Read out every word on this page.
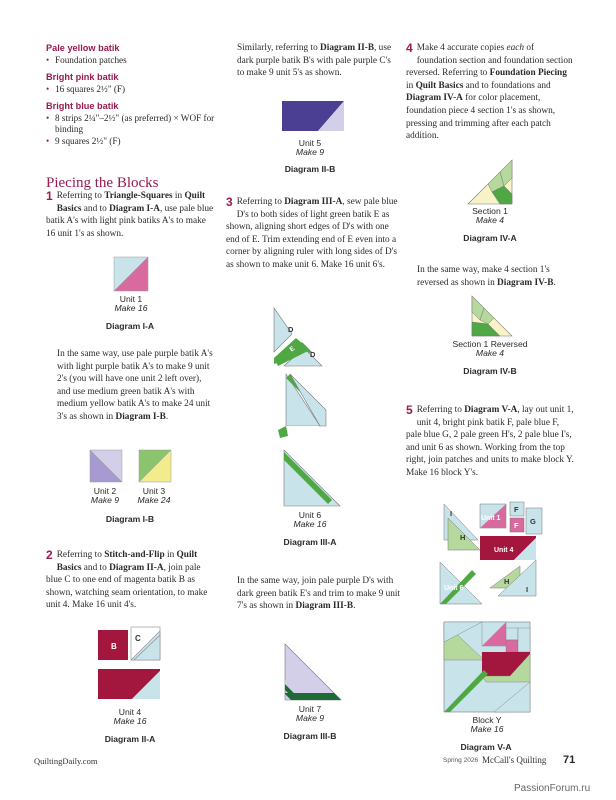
Pale yellow batik
• Foundation patches
Bright pink batik
• 16 squares 2½" (F)
Bright blue batik
• 8 strips 2¼"–2½" (as preferred) × WOF for binding
• 9 squares 2½" (F)
Piecing the Blocks
1 Referring to Triangle-Squares in Quilt Basics and to Diagram I-A, use pale blue batik A's with light pink batiks A's to make 16 unit 1's as shown.
Unit 1
Make 16
Diagram I-A
In the same way, use pale purple batik A's with light purple batik A's to make 9 unit 2's (you will have one unit 2 left over), and use medium green batik A's with medium yellow batik A's to make 24 unit 3's as shown in Diagram I-B.
Unit 2
Make 9
Unit 3
Make 24
Diagram I-B
2 Referring to Stitch-and-Flip in Quilt Basics and to Diagram II-A, join pale blue C to one end of magenta batik B as shown, watching seam orientation, to make unit 4. Make 16 unit 4's.
B
C
Unit 4
Make 16
Diagram II-A
Similarly, referring to Diagram II-B, use dark purple batik B's with pale purple C's to make 9 unit 5's as shown.
Unit 5
Make 9
Diagram II-B
3 Referring to Diagram III-A, sew pale blue D's to both sides of light green batik E as shown, aligning short edges of D's with one end of E. Trim extending end of E even into a corner by aligning ruler with long sides of D's as shown to make unit 6. Make 16 unit 6's.
D
E
D
Unit 6
Make 16
Diagram III-A
In the same way, join pale purple D's with dark green batik E's and trim to make 9 unit 7's as shown in Diagram III-B.
Unit 7
Make 9
Diagram III-B
4 Make 4 accurate copies each of foundation section and foundation section reversed. Referring to Foundation Piecing in Quilt Basics and to foundations and Diagram IV-A for color placement, foundation piece 4 section 1's as shown, pressing and trimming after each patch addition.
Section 1
Make 4
Diagram IV-A
In the same way, make 4 section 1's reversed as shown in Diagram IV-B.
Section 1 Reversed
Make 4
Diagram IV-B
5 Referring to Diagram V-A, lay out unit 1, unit 4, bright pink batik F, pale blue F, pale blue G, 2 pale green H's, 2 pale blue I's, and unit 6 as shown. Working from the top right, join patches and units to make block Y. Make 16 block Y's.
I
H
Unit 1
F
F G
Unit 4
Unit 6
H
I
Block Y
Make 16
Diagram V-A
QuiltingDaily.com	Spring 2026 McCall's Quilting 71
PassionForum.ru
